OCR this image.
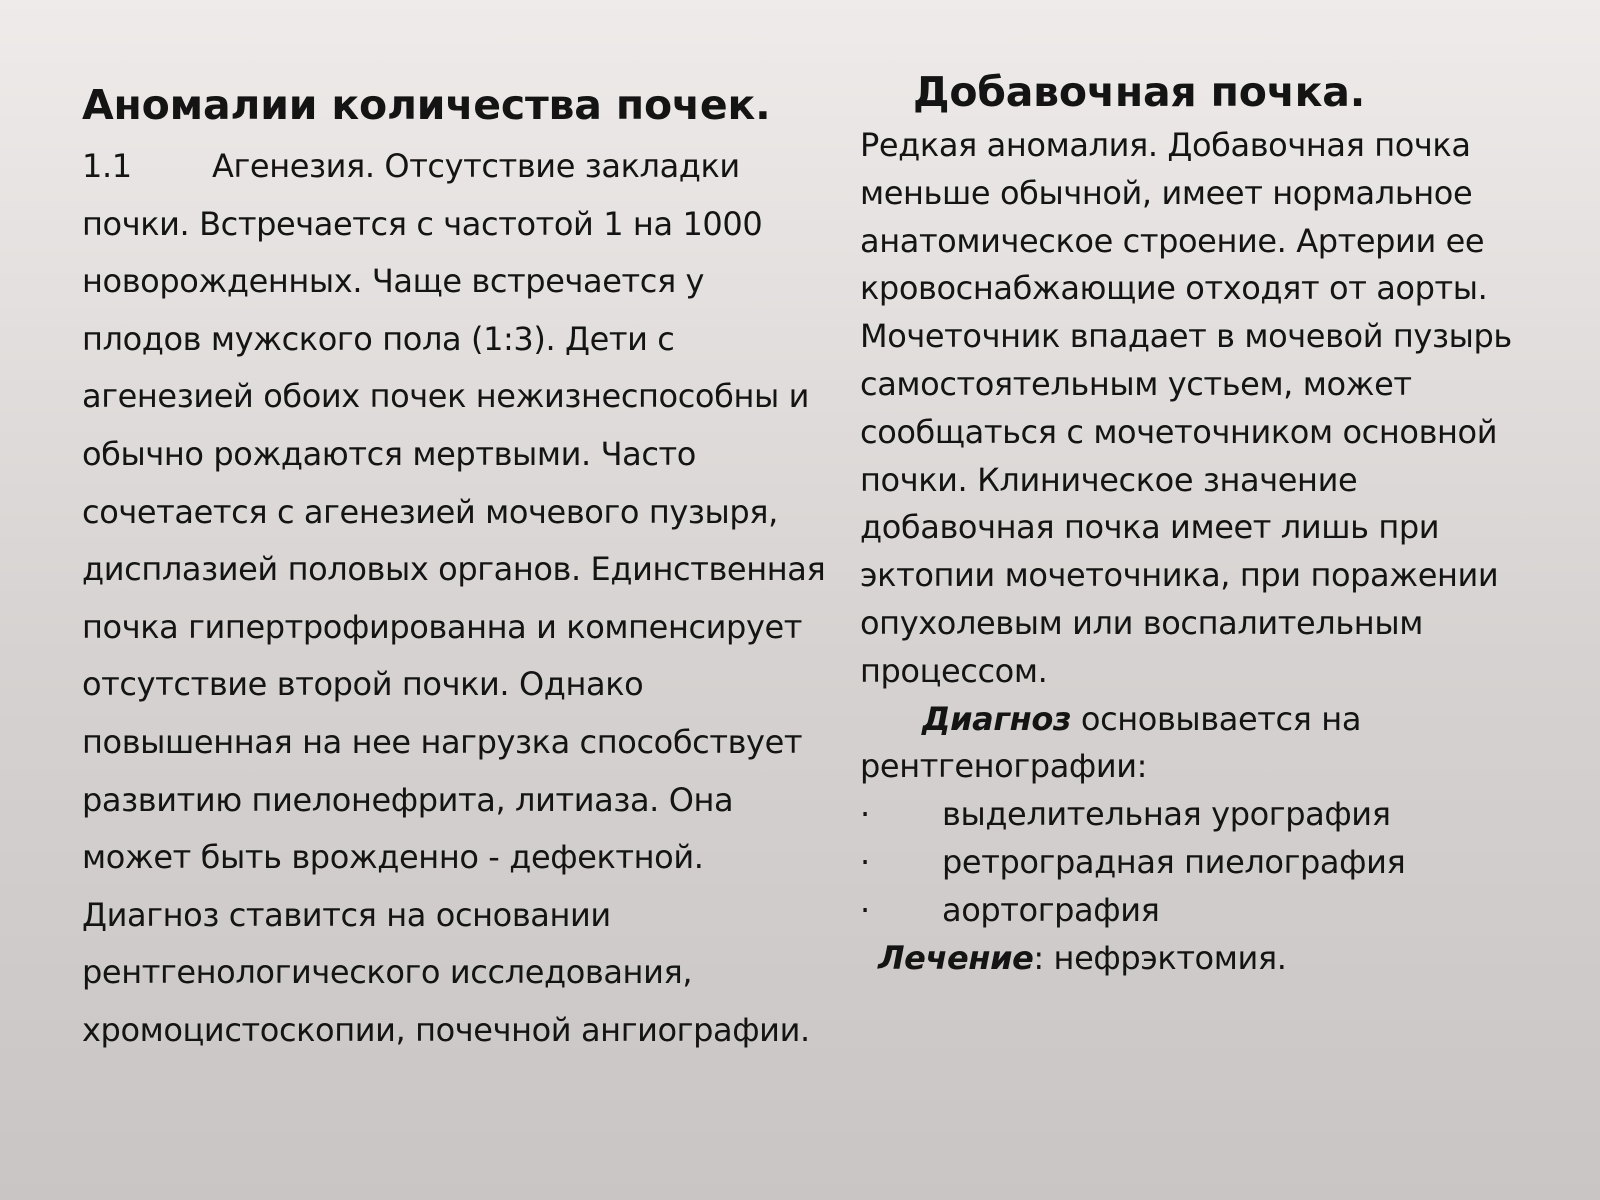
Аномалии количества почек.

1.1	Агенезия. Отсутствие закладки почки. Встречается с частотой 1 на 1000 новорожденных. Чаще встречается у плодов мужского пола (1:3). Дети с агенезией обоих почек нежизнеспособны и обычно рождаются мертвыми. Часто сочетается с агенезией мочевого пузыря, дисплазией половых органов. Единственная почка гипертрофированна и компенсирует отсутствие второй почки. Однако повышенная на нее нагрузка способствует развитию пиелонефрита, литиаза. Она может быть врожденно - дефектной. Диагноз ставится на основании рентгенологического исследования, хромоцистоскопии, почечной ангиографии.

Добавочная почка.

Редкая аномалия. Добавочная почка меньше обычной, имеет нормальное анатомическое строение. Артерии ее кровоснабжающие отходят от аорты. Мочеточник впадает в мочевой пузырь самостоятельным устьем, может сообщаться с мочеточником основной почки. Клиническое значение добавочная почка имеет лишь при эктопии мочеточника, при поражении опухолевым или воспалительным процессом.

Диагноз основывается на рентгенографии:

·	выделительная урография
·	ретроградная пиелография
·	аортография

Лечение: нефрэктомия.
